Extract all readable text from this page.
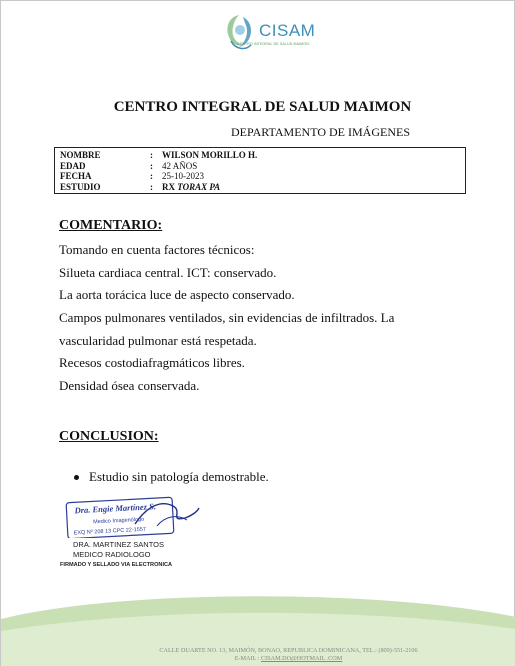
CISAM
CENTRO INTEGRAL DE SALUD MAIMON
CENTRO INTEGRAL DE SALUD MAIMON
DEPARTAMENTO DE IMÁGENES
NOMBRE	:	WILSON MORILLO H.
EDAD	:	42 AÑOS
FECHA	:	25-10-2023
ESTUDIO	:	RX
TORAX PA
COMENTARIO:
Tomando en cuenta factores técnicos:
Silueta cardiaca central. ICT: conservado.
La aorta torácica luce de aspecto conservado.
Campos pulmonares ventilados, sin evidencias de infiltrados. La
vascularidad pulmonar está respetada.
Recesos costodiafragmáticos libres.
Densidad ósea conservada.
CONCLUSION:
Estudio sin patología demostrable.
Dra. Engie Martínez S.
Medico Imagenólogo
EXQ Nº 208 13 CPC 22-1557
DRA. MARTINEZ SANTOS
MEDICO RADIOLOGO
FIRMADO Y SELLADO VIA ELECTRONICA
CALLE DUARTE NO. 13, MAIMÓN, BONAO, REPUBLICA DOMINICANA, TEL.: (809)-551-2106
E-MAIL : CISAM.DO@HOTMAIL .COM
